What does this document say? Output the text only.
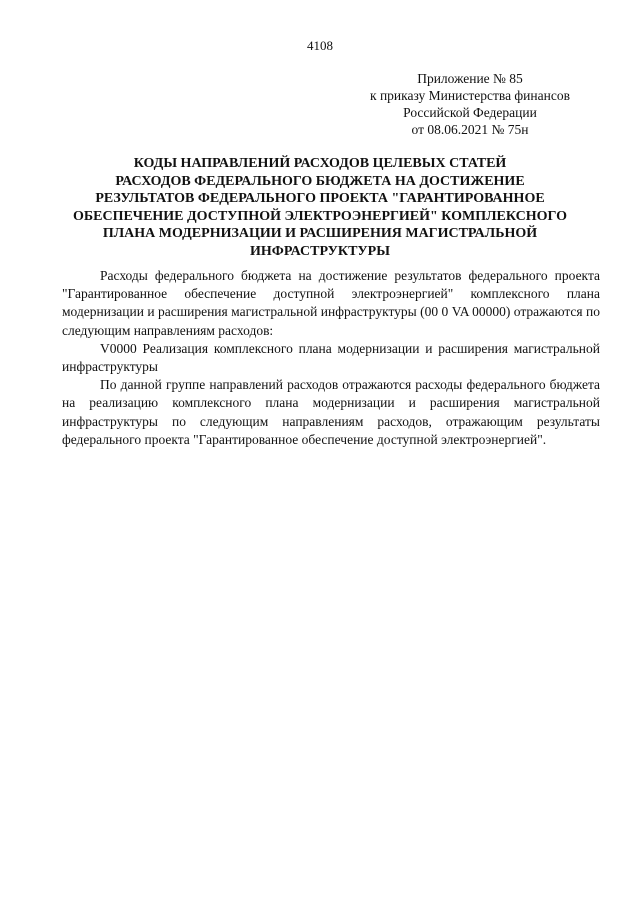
4108
Приложение № 85
к приказу Министерства финансов
Российской Федерации
от 08.06.2021 № 75н
КОДЫ НАПРАВЛЕНИЙ РАСХОДОВ ЦЕЛЕВЫХ СТАТЕЙ
РАСХОДОВ ФЕДЕРАЛЬНОГО БЮДЖЕТА НА ДОСТИЖЕНИЕ
РЕЗУЛЬТАТОВ ФЕДЕРАЛЬНОГО ПРОЕКТА "ГАРАНТИРОВАННОЕ
ОБЕСПЕЧЕНИЕ ДОСТУПНОЙ ЭЛЕКТРОЭНЕРГИЕЙ" КОМПЛЕКСНОГО
ПЛАНА МОДЕРНИЗАЦИИ И РАСШИРЕНИЯ МАГИСТРАЛЬНОЙ
ИНФРАСТРУКТУРЫ

Расходы федерального бюджета на достижение результатов федерального проекта "Гарантированное обеспечение доступной электроэнергией" комплексного плана модернизации и расширения магистральной инфраструктуры (00 0 VA 00000) отражаются по следующим направлениям расходов:

V0000 Реализация комплексного плана модернизации и расширения магистральной инфраструктуры

По данной группе направлений расходов отражаются расходы федерального бюджета на реализацию комплексного плана модернизации и расширения магистральной инфраструктуры по следующим направлениям расходов, отражающим результаты федерального проекта "Гарантированное обеспечение доступной электроэнергией".
